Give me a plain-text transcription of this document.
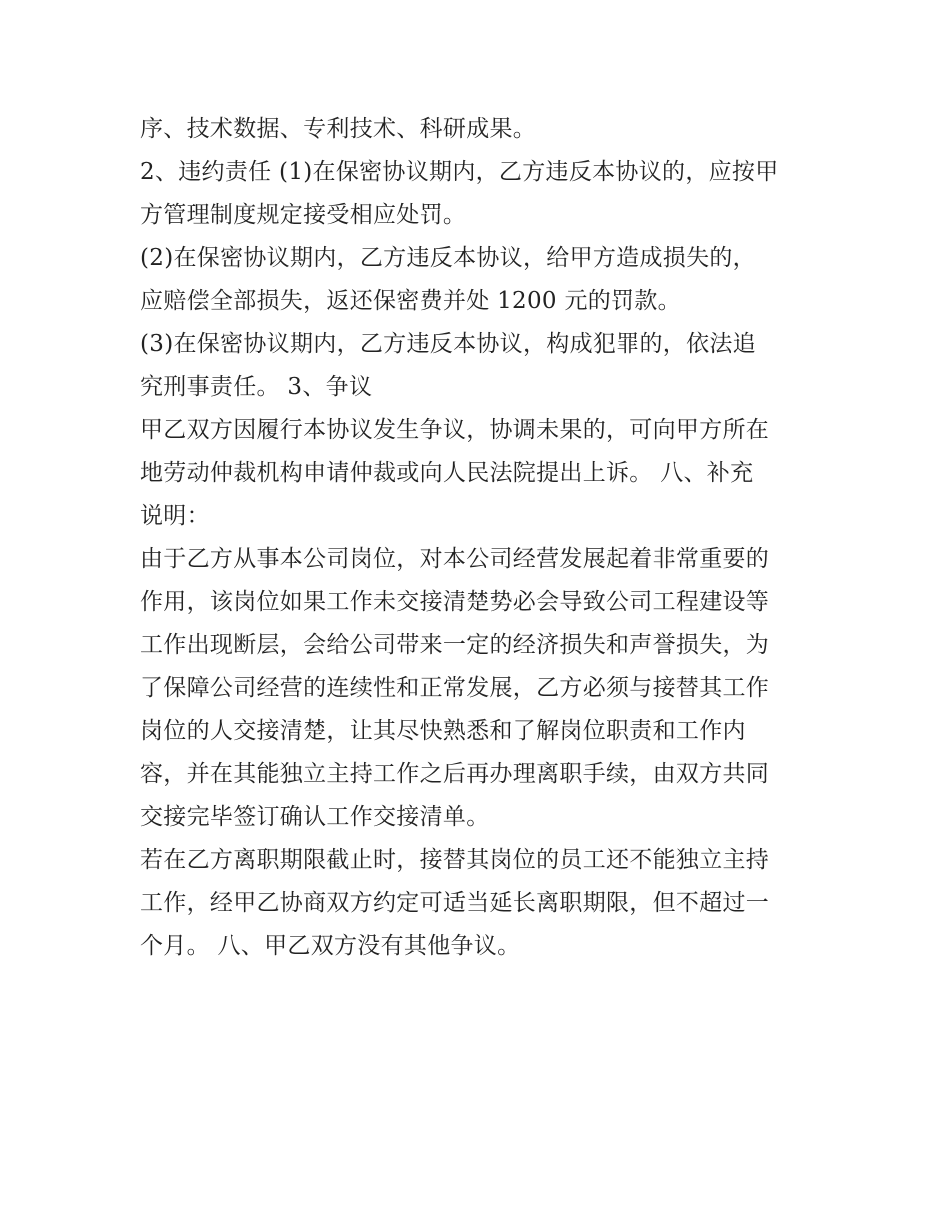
序、技术数据、专利技术、科研成果。
2、违约责任 (1)在保密协议期内，乙方违反本协议的，应按甲
方管理制度规定接受相应处罚。
(2)在保密协议期内，乙方违反本协议，给甲方造成损失的，
应赔偿全部损失，返还保密费并处 1200 元的罚款。
(3)在保密协议期内，乙方违反本协议，构成犯罪的，依法追
究刑事责任。 3、争议
甲乙双方因履行本协议发生争议，协调未果的，可向甲方所在
地劳动仲裁机构申请仲裁或向人民法院提出上诉。 八、补充
说明：
由于乙方从事本公司岗位，对本公司经营发展起着非常重要的
作用，该岗位如果工作未交接清楚势必会导致公司工程建设等
工作出现断层，会给公司带来一定的经济损失和声誉损失，为
了保障公司经营的连续性和正常发展，乙方必须与接替其工作
岗位的人交接清楚，让其尽快熟悉和了解岗位职责和工作内
容，并在其能独立主持工作之后再办理离职手续，由双方共同
交接完毕签订确认工作交接清单。
若在乙方离职期限截止时，接替其岗位的员工还不能独立主持
工作，经甲乙协商双方约定可适当延长离职期限，但不超过一
个月。 八、甲乙双方没有其他争议。
